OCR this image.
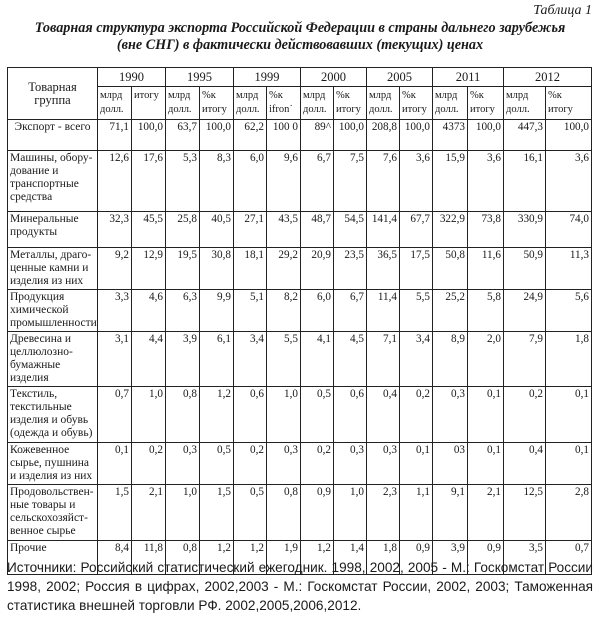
Таблица 1
Товарная структура экспорта Российской Федерации в страны дальнего зарубежья
(вне СНГ) в фактически действовавших (текущих) ценах
Товарная группа	1990		1995		1999		2000		2005		2011		2012	
	млрд долл.	итогу	млрд долл.	%к итогу	млрд долл.	%к ifron˙	млрд долл.	%к итогу	млрд долл.	%к итогу	млрд долл.	%к итогу	млрд долл.	%к итогу
Экспорт - всего	71,1	100,0	63,7	100,0	62,2	100 0	89^	100,0	208,8	100,0	4373	100,0	447,3	100,0
Машины, обору-дование и транспортные средства	12,6	17,6	5,3	8,3	6,0	9,6	6,7	7,5	7,6	3,6	15,9	3,6	16,1	3,6
Минеральные продукты	32,3	45,5	25,8	40,5	27,1	43,5	48,7	54,5	141,4	67,7	322,9	73,8	330,9	74,0
Металлы, драго-ценные камни и изделия из них	9,2	12,9	19,5	30,8	18,1	29,2	20,9	23,5	36,5	17,5	50,8	11,6	50,9	11,3
Продукция химической промышленности	3,3	4,6	6,3	9,9	5,1	8,2	6,0	6,7	11,4	5,5	25,2	5,8	24,9	5,6
Древесина и целлюлозно-бумажные изделия	3,1	4,4	3,9	6,1	3,4	5,5	4,1	4,5	7,1	3,4	8,9	2,0	7,9	1,8
Текстиль, текстильные изделия и обувь (одежда и обувь)	0,7	1,0	0,8	1,2	0,6	1,0	0,5	0,6	0,4	0,2	0,3	0,1	0,2	0,1
Кожевенное сырье, пушнина и изделия из них	0,1	0,2	0,3	0,5	0,2	0,3	0,2	0,3	0,3	0,1	03	0,1	0,4	0,1
Продовольствен-ные товары и сельскохозяйст-венное сырье	1,5	2,1	1,0	1,5	0,5	0,8	0,9	1,0	2,3	1,1	9,1	2,1	12,5	2,8
Прочие	8,4	11,8	0,8	1,2	1,2	1,9	1,2	1,4	1,8	0,9	3,9	0,9	3,5	0,7
Источники: Российский статистический ежегодник. 1998, 2002, 2005 - М.: Госкомстат России 1998, 2002; Россия в цифрах, 2002,2003 - М.: Госкомстат России, 2002, 2003; Таможенная статистика внешней торговли РФ. 2002,2005,2006,2012.
